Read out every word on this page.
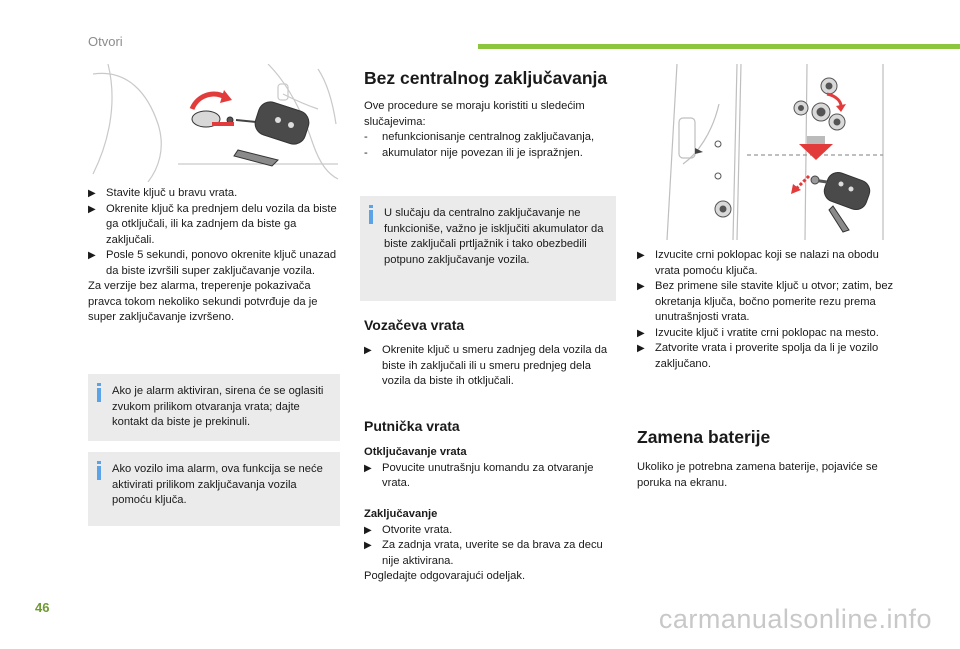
Otvori
▶︎ Stavite ključ u bravu vrata.
▶︎ Okrenite ključ ka prednjem delu vozila da biste ga otključali, ili ka zadnjem da biste ga zaključali.
▶︎ Posle 5 sekundi, ponovo okrenite ključ unazad da biste izvršili super zaključavanje vozila.
Za verzije bez alarma, treperenje pokazivača pravca tokom nekoliko sekundi potvrđuje da je super zaključavanje izvršeno.
Ako je alarm aktiviran, sirena će se oglasiti zvukom prilikom otvaranja vrata; dajte kontakt da biste je prekinuli.
Ako vozilo ima alarm, ova funkcija se neće aktivirati prilikom zaključavanja vozila pomoću ključa.
Bez centralnog zaključavanja
Ove procedure se moraju koristiti u sledećim slučajevima:
- nefunkcionisanje centralnog zaključavanja,
- akumulator nije povezan ili je ispražnjen.
U slučaju da centralno zaključavanje ne funkcioniše, važno je isključiti akumulator da biste zaključali prtljažnik i tako obezbedili potpuno zaključavanje vozila.
Vozačeva vrata
▶︎ Okrenite ključ u smeru zadnjeg dela vozila da biste ih zaključali ili u smeru prednjeg dela vozila da biste ih otključali.
Putnička vrata
Otključavanje vrata
▶︎ Povucite unutrašnju komandu za otvaranje vrata.
Zaključavanje
▶︎ Otvorite vrata.
▶︎ Za zadnja vrata, uverite se da brava za decu nije aktivirana.
Pogledajte odgovarajući odeljak.
▶︎ Izvucite crni poklopac koji se nalazi na obodu vrata pomoću ključa.
▶︎ Bez primene sile stavite ključ u otvor; zatim, bez okretanja ključa, bočno pomerite rezu prema unutrašnjosti vrata.
▶︎ Izvucite ključ i vratite crni poklopac na mesto.
▶︎ Zatvorite vrata i proverite spolja da li je vozilo zaključano.
Zamena baterije
Ukoliko je potrebna zamena baterije, pojaviće se poruka na ekranu.
46	carmanualsonline.info
